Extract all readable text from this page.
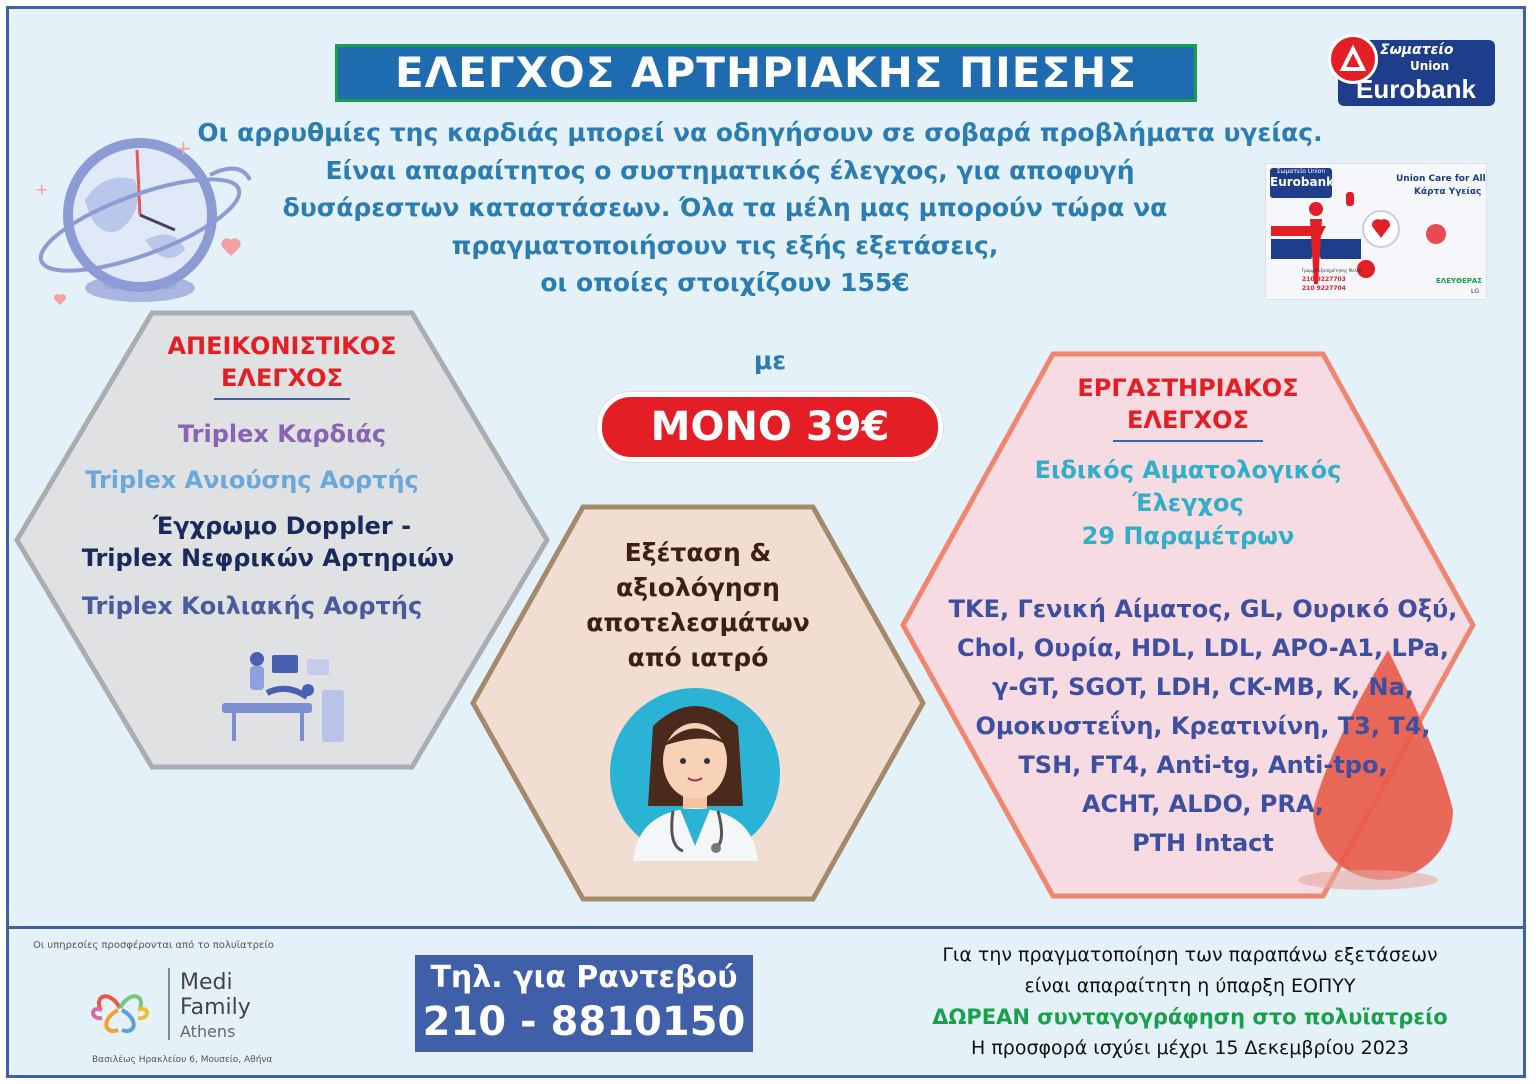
ΕΛΕΓΧΟΣ ΑΡΤΗΡΙΑΚΗΣ ΠΙΕΣΗΣ	Σωματείο
Union
Eurobank
Οι αρρυθμίες της καρδιάς μπορεί να οδηγήσουν σε σοβαρά προβλήματα υγείας.
Είναι απαραίτητος ο συστηματικός έλεγχος, για αποφυγή
δυσάρεστων καταστάσεων. Όλα τα μέλη μας μπορούν τώρα να
πραγματοποιήσουν τις εξής εξετάσεις,
οι οποίες στοιχίζουν 155€
με
ΜΟΝΟ 39€
+
+
Σωματείο Union
Eurobank	Union Care for All
Κάρτα Υγείας
Γραμμή Εξυπηρέτησης Μελών
210 9227703
210 9227704
ΕΛΕΥΘΕΡΑΣ
LG
ΑΠΕΙΚΟΝΙΣΤΙΚΟΣ
ΕΛΕΓΧΟΣ
Triplex Καρδιάς
Triplex Ανιούσης Αορτής
Έγχρωμο Doppler -
Triplex Νεφρικών Αρτηριών
Triplex Κοιλιακής Αορτής
Εξέταση &
αξιολόγηση
αποτελεσμάτων
από ιατρό
ΕΡΓΑΣΤΗΡΙΑΚΟΣ
ΕΛΕΓΧΟΣ
Ειδικός Αιματολογικός
Έλεγχος
29 Παραμέτρων
ΤΚΕ, Γενική Αίματος, GL, Ουρικό Οξύ,
Chol, Ουρία, HDL, LDL, APO-A1, LPa,
γ-GT, SGOT, LDH, CK-MB, K, Na,
Ομοκυστεΐνη, Κρεατινίνη, Τ3, Τ4,
TSH, FT4, Anti-tg, Anti-tpo,
ACHT, ALDO, PRA,
PTH Intact
Οι υπηρεσίες προσφέρονται από το πολυϊατρείο
Medi
Family
Athens
Βασιλέως Ηρακλείου 6, Μουσείο, Αθήνα
Τηλ. για Ραντεβού
210 - 8810150
Για την πραγματοποίηση των παραπάνω εξετάσεων
είναι απαραίτητη η ύπαρξη ΕΟΠΥΥ
ΔΩΡΕΑΝ συνταγογράφηση στο πολυϊατρείο
Η προσφορά ισχύει μέχρι 15 Δεκεμβρίου 2023
